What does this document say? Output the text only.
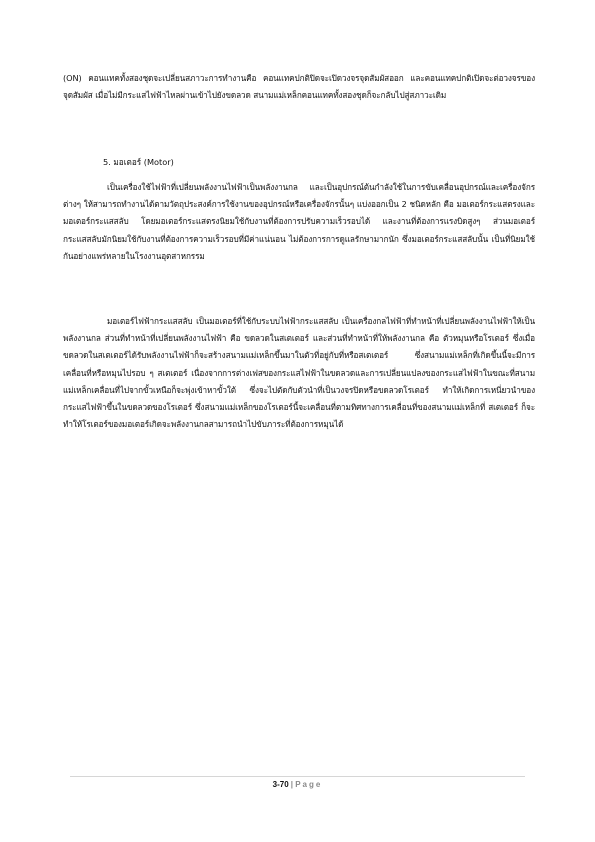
(ON) คอนแทคทั้งสองชุดจะเปลี่ยนสภาวะการทำงานคือ คอนแทคปกติปิดจะเปิดวงจรจุดสัมผัสออก และคอนแทคปกติเปิดจะต่อวงจรของจุดสัมผัส เมื่อไม่มีกระแสไฟฟ้าไหลผ่านเข้าไปยังขดลวด สนามแม่เหล็กคอนแทคทั้งสองชุดก็จะกลับไปสู่สภาวะเดิม

5. มอเตอร์ (Motor)

เป็นเครื่องใช้ไฟฟ้าที่เปลี่ยนพลังงานไฟฟ้าเป็นพลังงานกล และเป็นอุปกรณ์ต้นกำลังใช้ในการขับเคลื่อนอุปกรณ์และเครื่องจักรต่างๆ ให้สามารถทำงานได้ตามวัตถุประสงค์การใช้งานของอุปกรณ์หรือเครื่องจักรนั้นๆ แบ่งออกเป็น 2 ชนิดหลัก คือ มอเตอร์กระแสตรงและมอเตอร์กระแสสลับ โดยมอเตอร์กระแสตรงนิยมใช้กับงานที่ต้องการปรับความเร็วรอบได้ และงานที่ต้องการแรงบิดสูงๆ ส่วนมอเตอร์กระแสสลับมักนิยมใช้กับงานที่ต้องการความเร็วรอบที่มีค่าแน่นอน ไม่ต้องการการดูแลรักษามากนัก ซึ่งมอเตอร์กระแสสลับนั้น เป็นที่นิยมใช้กันอย่างแพร่หลายในโรงงานอุตสาหกรรม

มอเตอร์ไฟฟ้ากระแสสลับ เป็นมอเตอร์ที่ใช้กับระบบไฟฟ้ากระแสสลับ เป็นเครื่องกลไฟฟ้าที่ทำหน้าที่เปลี่ยนพลังงานไฟฟ้าให้เป็นพลังงานกล ส่วนที่ทำหน้าที่เปลี่ยนพลังงานไฟฟ้า คือ ขดลวดในสเตเตอร์ และส่วนที่ทำหน้าที่ให้พลังงานกล คือ ตัวหมุนหรือโรเตอร์ ซึ่งเมื่อขดลวดในสเตเตอร์ได้รับพลังงานไฟฟ้าก็จะสร้างสนามแม่เหล็กขึ้นมาในตัวที่อยู่กับที่หรือสเตเตอร์ ซึ่งสนามแม่เหล็กที่เกิดขึ้นนี้จะมีการเคลื่อนที่หรือหมุนไปรอบ ๆ สเตเตอร์ เนื่องจากการต่างเฟสของกระแสไฟฟ้าในขดลวดและการเปลี่ยนแปลงของกระแสไฟฟ้าในขณะที่สนามแม่เหล็กเคลื่อนที่ไปจากขั้วเหนือก็จะพุ่งเข้าหาขั้วใต้ ซึ่งจะไปตัดกับตัวนำที่เป็นวงจรปิดหรือขดลวดโรเตอร์ ทำให้เกิดการเหนี่ยวนำของกระแสไฟฟ้าขึ้นในขดลวดของโรเตอร์ ซึ่งสนามแม่เหล็กของโรเตอร์นี้จะเคลื่อนที่ตามทิศทางการเคลื่อนที่ของสนามแม่เหล็กที่ สเตเตอร์ ก็จะทำให้โรเตอร์ของมอเตอร์เกิดจะพลังงานกลสามารถนำไปขับภาระที่ต้องการหมุนได้

3-70 | Page
